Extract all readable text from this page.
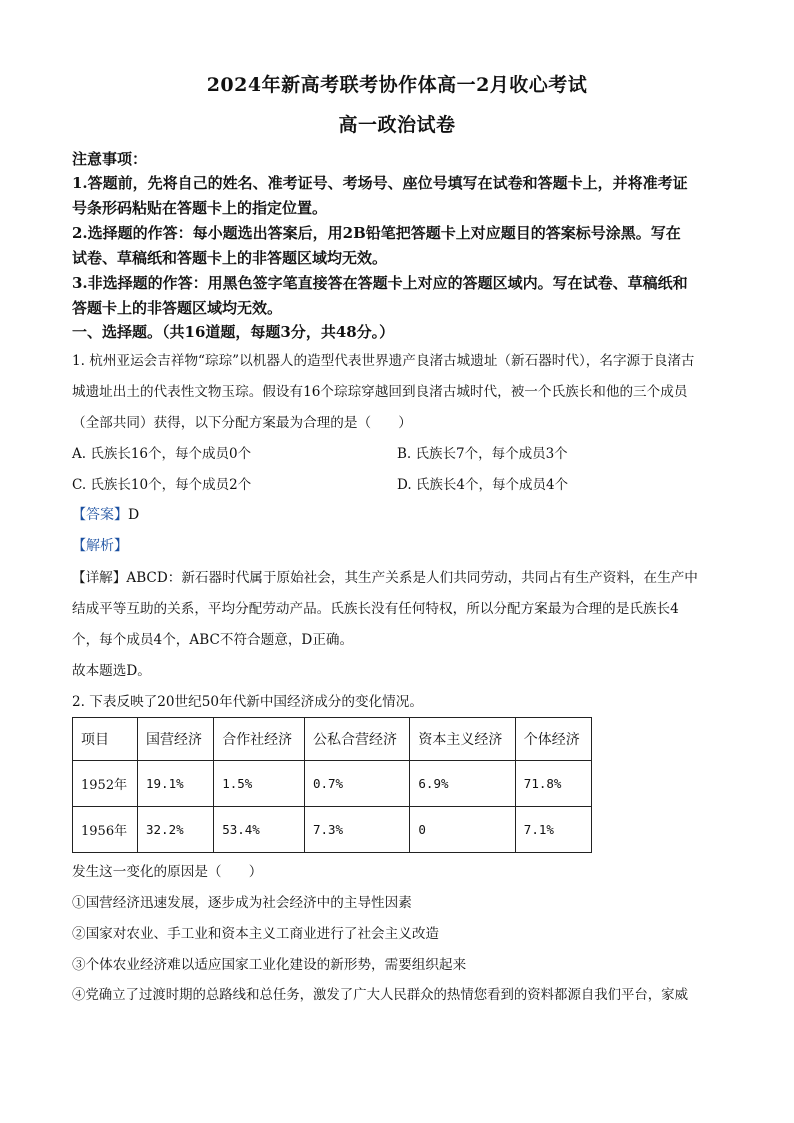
2024年新高考联考协作体高一2月收心考试
高一政治试卷
注意事项：
1.答题前，先将自己的姓名、准考证号、考场号、座位号填写在试卷和答题卡上，并将准考证
号条形码粘贴在答题卡上的指定位置。
2.选择题的作答：每小题选出答案后，用2B铅笔把答题卡上对应题目的答案标号涂黑。写在
试卷、草稿纸和答题卡上的非答题区域均无效。
3.非选择题的作答：用黑色签字笔直接答在答题卡上对应的答题区域内。写在试卷、草稿纸和
答题卡上的非答题区域均无效。
一、选择题。（共16道题，每题3分，共48分。）
1. 杭州亚运会吉祥物“琮琮”以机器人的造型代表世界遗产良渚古城遗址（新石器时代），名字源于良渚古
城遗址出土的代表性文物玉琮。假设有16个琮琮穿越回到良渚古城时代，被一个氏族长和他的三个成员
（全部共同）获得，以下分配方案最为合理的是（　　）
A. 氏族长16个，每个成员0个	B. 氏族长7个，每个成员3个
C. 氏族长10个，每个成员2个	D. 氏族长4个，每个成员4个
【答案】D
【解析】
【详解】ABCD：新石器时代属于原始社会，其生产关系是人们共同劳动，共同占有生产资料，在生产中
结成平等互助的关系，平均分配劳动产品。氏族长没有任何特权，所以分配方案最为合理的是氏族长4
个，每个成员4个，ABC不符合题意，D正确。
故本题选D。
2. 下表反映了20世纪50年代新中国经济成分的变化情况。
项目	国营经济	合作社经济	公私合营经济	资本主义经济	个体经济
1952年	19.1%	1.5%	0.7%	6.9%	71.8%
1956年	32.2%	53.4%	7.3%	0	7.1%
发生这一变化的原因是（　　）
①国营经济迅速发展，逐步成为社会经济中的主导性因素
②国家对农业、手工业和资本主义工商业进行了社会主义改造
③个体农业经济难以适应国家工业化建设的新形势，需要组织起来
④党确立了过渡时期的总路线和总任务，激发了广大人民群众的热情您看到的资料都源自我们平台，家威
